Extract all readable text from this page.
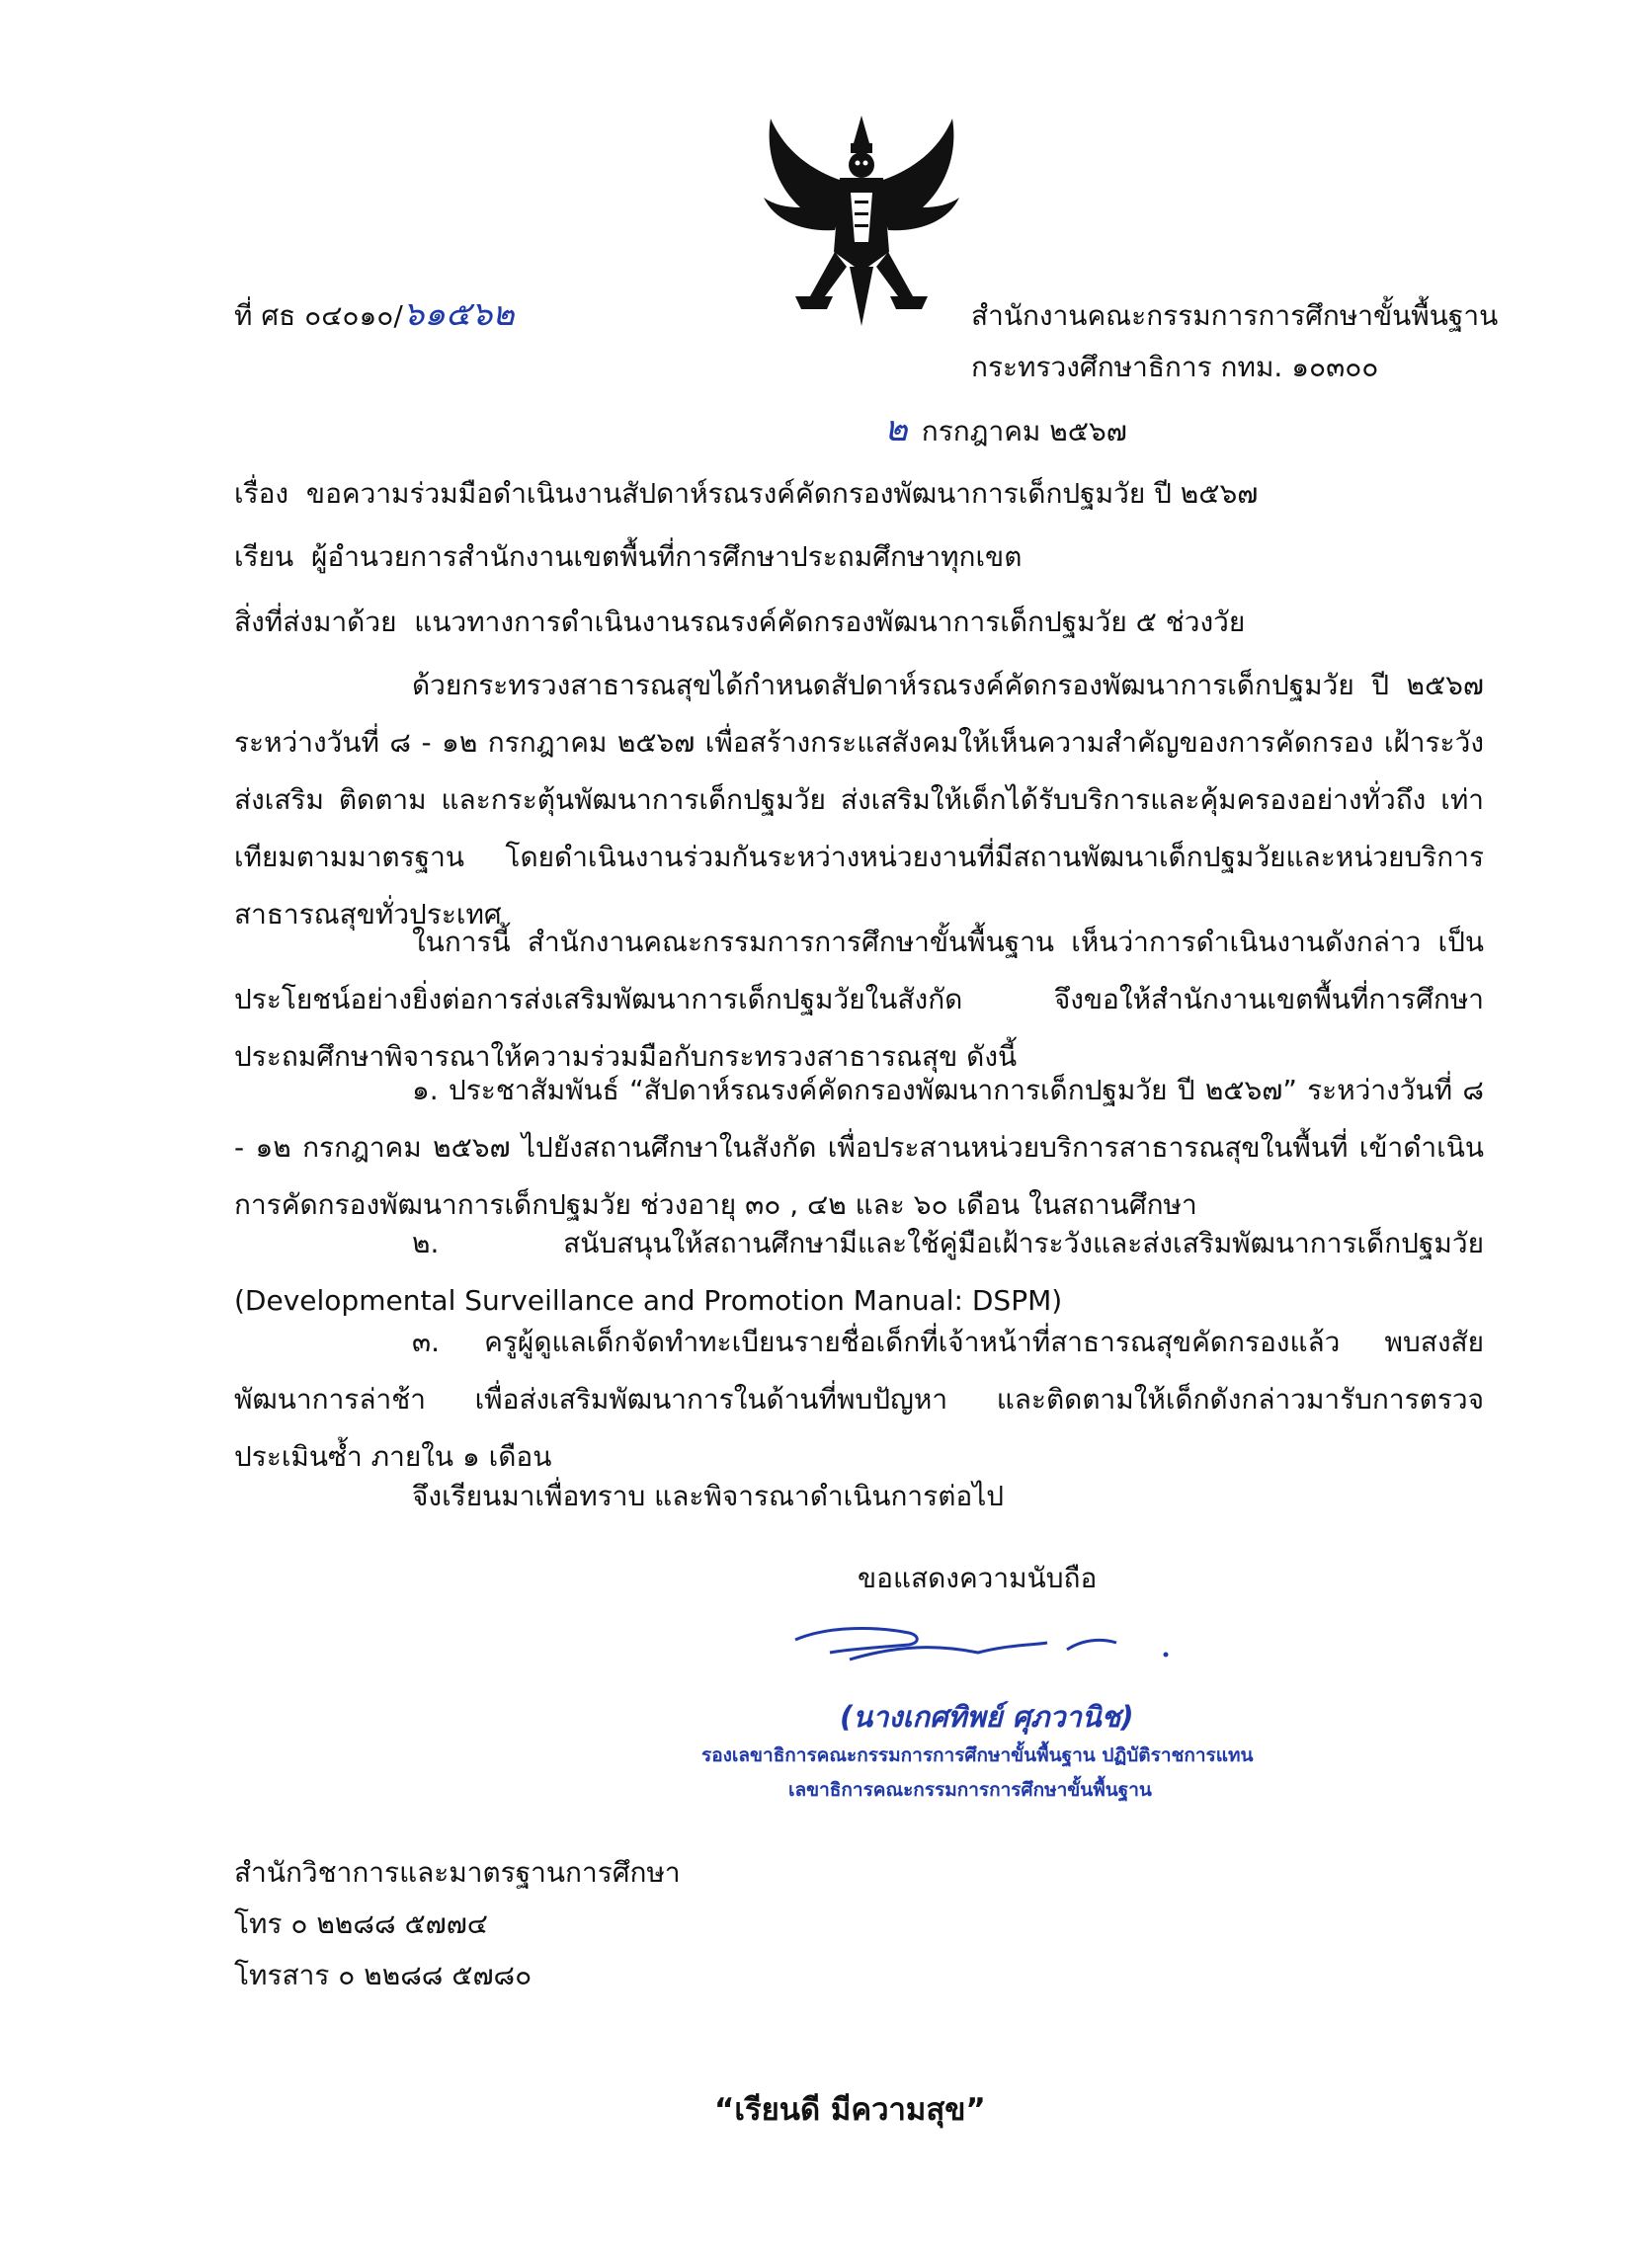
ที่ ศธ ๐๔๐๑๐/๖๑๕๖๒	สำนักงานคณะกรรมการการศึกษาขั้นพื้นฐาน
กระทรวงศึกษาธิการ กทม. ๑๐๓๐๐
๒ กรกฎาคม ๒๕๖๗
เรื่อง ขอความร่วมมือดำเนินงานสัปดาห์รณรงค์คัดกรองพัฒนาการเด็กปฐมวัย ปี ๒๕๖๗
เรียน ผู้อำนวยการสำนักงานเขตพื้นที่การศึกษาประถมศึกษาทุกเขต
สิ่งที่ส่งมาด้วย แนวทางการดำเนินงานรณรงค์คัดกรองพัฒนาการเด็กปฐมวัย ๕ ช่วงวัย

ด้วยกระทรวงสาธารณสุขได้กำหนดสัปดาห์รณรงค์คัดกรองพัฒนาการเด็กปฐมวัย ปี ๒๕๖๗ ระหว่างวันที่ ๘ - ๑๒ กรกฎาคม ๒๕๖๗ เพื่อสร้างกระแสสังคมให้เห็นความสำคัญของการคัดกรอง เฝ้าระวัง ส่งเสริม ติดตาม และกระตุ้นพัฒนาการเด็กปฐมวัย ส่งเสริมให้เด็กได้รับบริการและคุ้มครองอย่างทั่วถึง เท่าเทียมตามมาตรฐาน โดยดำเนินงานร่วมกันระหว่างหน่วยงานที่มีสถานพัฒนาเด็กปฐมวัยและหน่วยบริการ สาธารณสุขทั่วประเทศ

ในการนี้ สำนักงานคณะกรรมการการศึกษาขั้นพื้นฐาน เห็นว่าการดำเนินงานดังกล่าว เป็นประโยชน์อย่างยิ่งต่อการส่งเสริมพัฒนาการเด็กปฐมวัยในสังกัด จึงขอให้สำนักงานเขตพื้นที่การศึกษา ประถมศึกษาพิจารณาให้ความร่วมมือกับกระทรวงสาธารณสุข ดังนี้

๑. ประชาสัมพันธ์ “สัปดาห์รณรงค์คัดกรองพัฒนาการเด็กปฐมวัย ปี ๒๕๖๗” ระหว่างวันที่ ๘ - ๑๒ กรกฎาคม ๒๕๖๗ ไปยังสถานศึกษาในสังกัด เพื่อประสานหน่วยบริการสาธารณสุขในพื้นที่ เข้าดำเนินการคัดกรองพัฒนาการเด็กปฐมวัย ช่วงอายุ ๓๐ , ๔๒ และ ๖๐ เดือน ในสถานศึกษา

๒. สนับสนุนให้สถานศึกษามีและใช้คู่มือเฝ้าระวังและส่งเสริมพัฒนาการเด็กปฐมวัย (Developmental Surveillance and Promotion Manual: DSPM)

๓. ครูผู้ดูแลเด็กจัดทำทะเบียนรายชื่อเด็กที่เจ้าหน้าที่สาธารณสุขคัดกรองแล้ว พบสงสัย พัฒนาการล่าช้า เพื่อส่งเสริมพัฒนาการในด้านที่พบปัญหา และติดตามให้เด็กดังกล่าวมารับการตรวจประเมินซ้ำ ภายใน ๑ เดือน

จึงเรียนมาเพื่อทราบ และพิจารณาดำเนินการต่อไป
ขอแสดงความนับถือ
(นางเกศทิพย์ ศุภวานิช)
รองเลขาธิการคณะกรรมการการศึกษาขั้นพื้นฐาน ปฏิบัติราชการแทน
เลขาธิการคณะกรรมการการศึกษาขั้นพื้นฐาน
สำนักวิชาการและมาตรฐานการศึกษา
โทร ๐ ๒๒๘๘ ๕๗๗๔
โทรสาร ๐ ๒๒๘๘ ๕๗๘๐
“เรียนดี มีความสุข”
